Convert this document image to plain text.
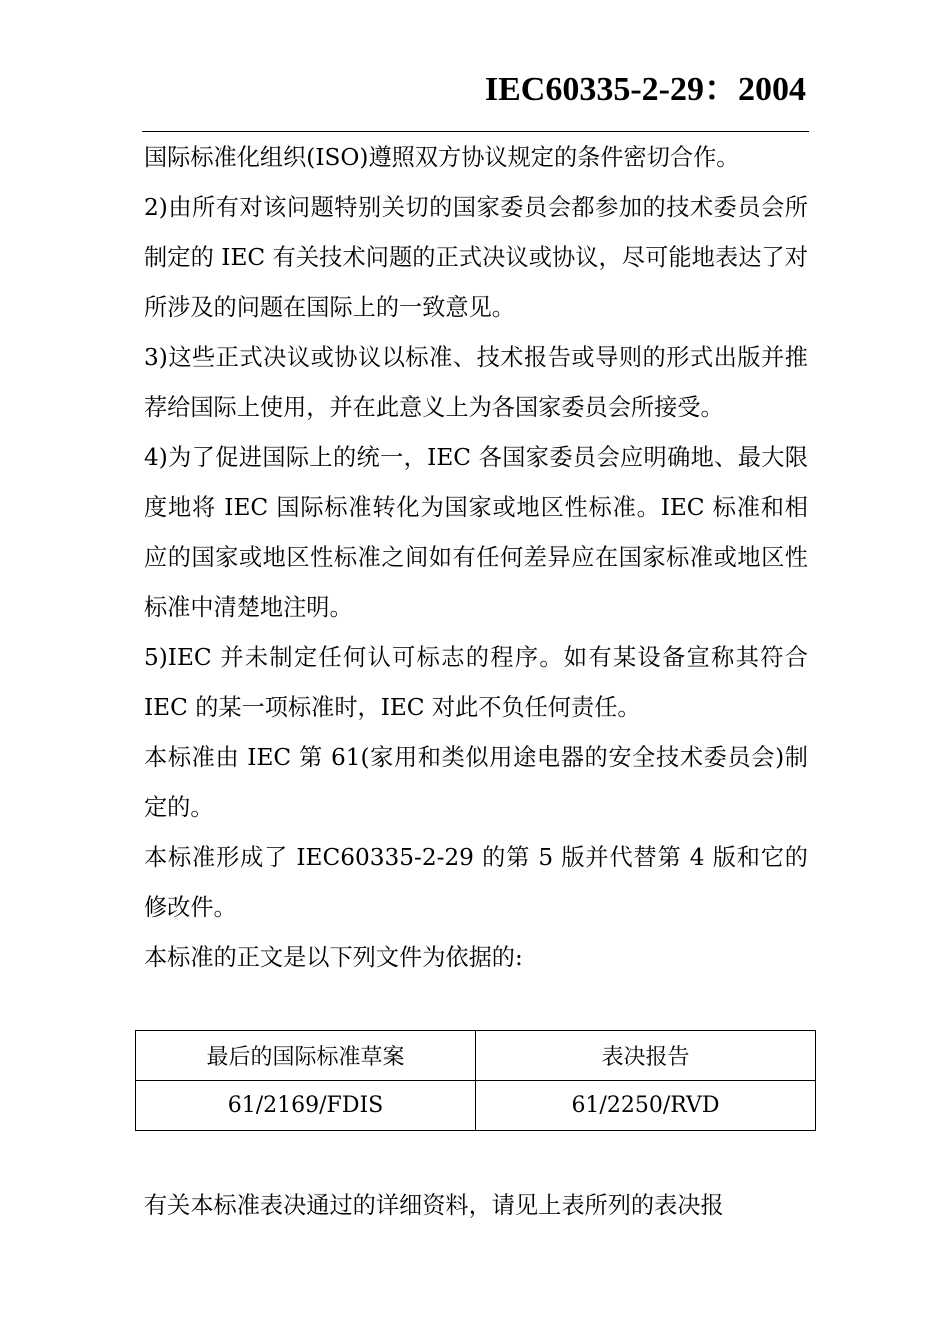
IEC60335-2-29：2004

国际标准化组织(ISO)遵照双方协议规定的条件密切合作。

2)由所有对该问题特别关切的国家委员会都参加的技术委员会所制定的 IEC 有关技术问题的正式决议或协议，尽可能地表达了对所涉及的问题在国际上的一致意见。

3)这些正式决议或协议以标准、技术报告或导则的形式出版并推荐给国际上使用，并在此意义上为各国家委员会所接受。

4)为了促进国际上的统一，IEC 各国家委员会应明确地、最大限度地将 IEC 国际标准转化为国家或地区性标准。IEC 标准和相应的国家或地区性标准之间如有任何差异应在国家标准或地区性标准中清楚地注明。

5)IEC 并未制定任何认可标志的程序。如有某设备宣称其符合 IEC 的某一项标准时，IEC 对此不负任何责任。

本标准由 IEC 第 61(家用和类似用途电器的安全技术委员会)制定的。

本标准形成了 IEC60335-2-29 的第 5 版并代替第 4 版和它的修改件。

本标准的正文是以下列文件为依据的:

最后的国际标准草案	表决报告
61/2169/FDIS	61/2250/RVD

有关本标准表决通过的详细资料，请见上表所列的表决报
